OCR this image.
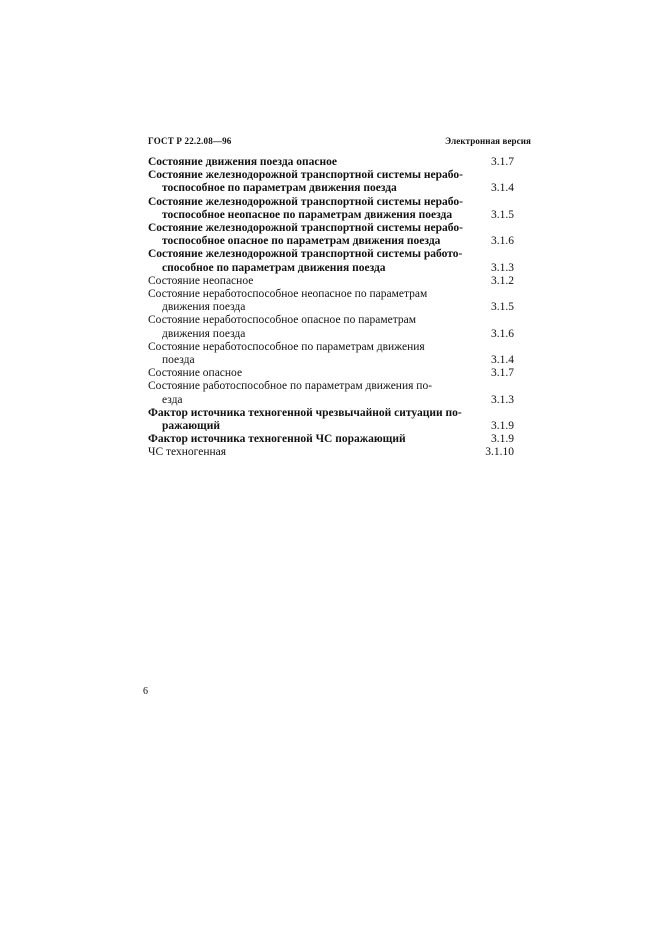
ГОСТ Р 22.2.08—96	Электронная версия
Состояние движения поезда опасное	3.1.7
Состояние железнодорожной транспортной системы нерабо-
тоспособное по параметрам движения поезда	3.1.4
Состояние железнодорожной транспортной системы нерабо-
тоспособное неопасное по параметрам движения поезда	3.1.5
Состояние железнодорожной транспортной системы нерабо-
тоспособное опасное по параметрам движения поезда	3.1.6
Состояние железнодорожной транспортной системы работо-
способное по параметрам движения поезда	3.1.3
Состояние неопасное	3.1.2
Состояние неработоспособное неопасное по параметрам
движения поезда	3.1.5
Состояние неработоспособное опасное по параметрам
движения поезда	3.1.6
Состояние неработоспособное по параметрам движения
поезда	3.1.4
Состояние опасное	3.1.7
Состояние работоспособное по параметрам движения по-
езда	3.1.3
Фактор источника техногенной чрезвычайной ситуации по-
ражающий	3.1.9
Фактор источника техногенной ЧС поражающий	3.1.9
ЧС техногенная	3.1.10
6
